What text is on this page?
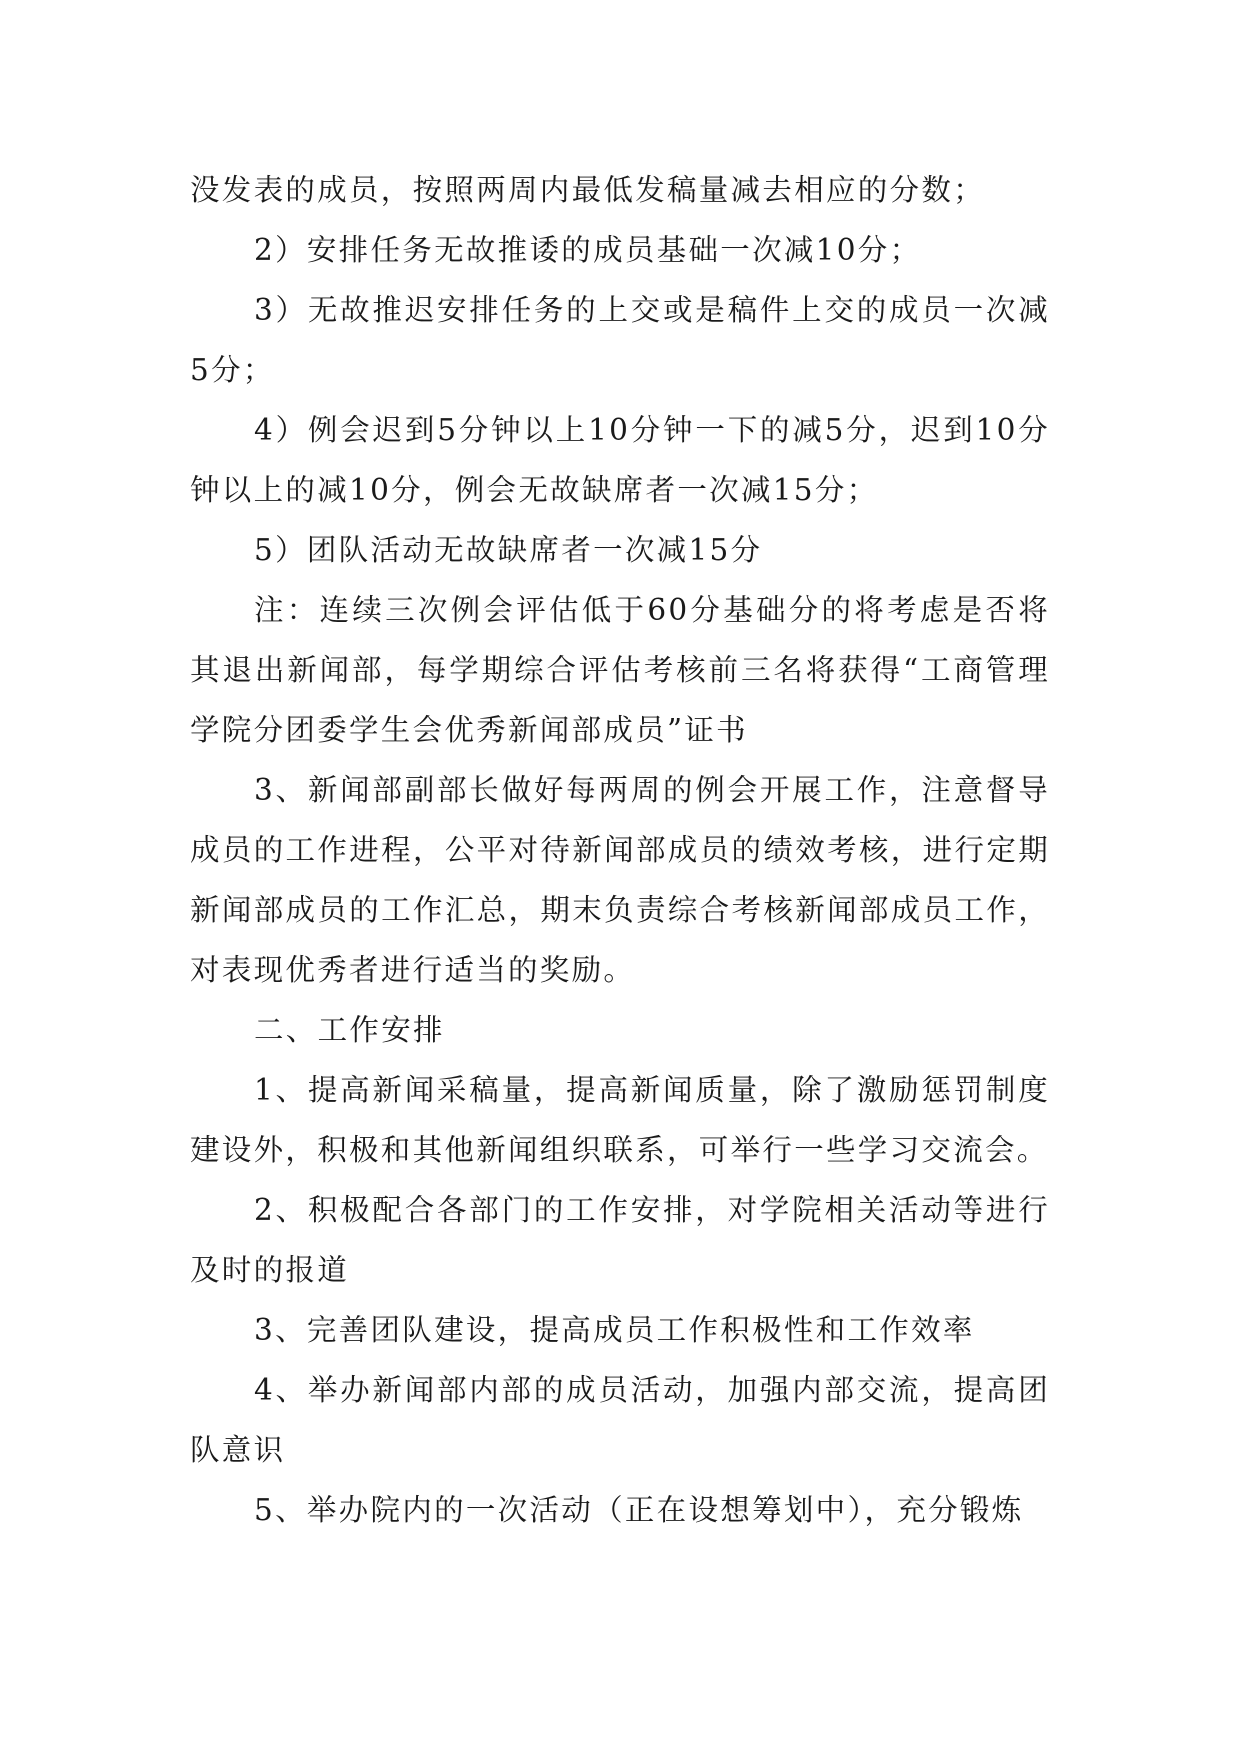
没发表的成员，按照两周内最低发稿量减去相应的分数；

2）安排任务无故推诿的成员基础一次减10分；

3）无故推迟安排任务的上交或是稿件上交的成员一次减5分；

4）例会迟到5分钟以上10分钟一下的减5分，迟到10分钟以上的减10分，例会无故缺席者一次减15分；

5）团队活动无故缺席者一次减15分

注：连续三次例会评估低于60分基础分的将考虑是否将其退出新闻部，每学期综合评估考核前三名将获得“工商管理学院分团委学生会优秀新闻部成员”证书

3、新闻部副部长做好每两周的例会开展工作，注意督导成员的工作进程，公平对待新闻部成员的绩效考核，进行定期新闻部成员的工作汇总，期末负责综合考核新闻部成员工作，对表现优秀者进行适当的奖励。

二、工作安排

1、提高新闻采稿量，提高新闻质量，除了激励惩罚制度建设外，积极和其他新闻组织联系，可举行一些学习交流会。

2、积极配合各部门的工作安排，对学院相关活动等进行及时的报道

3、完善团队建设，提高成员工作积极性和工作效率

4、举办新闻部内部的成员活动，加强内部交流，提高团队意识

5、举办院内的一次活动（正在设想筹划中），充分锻炼
